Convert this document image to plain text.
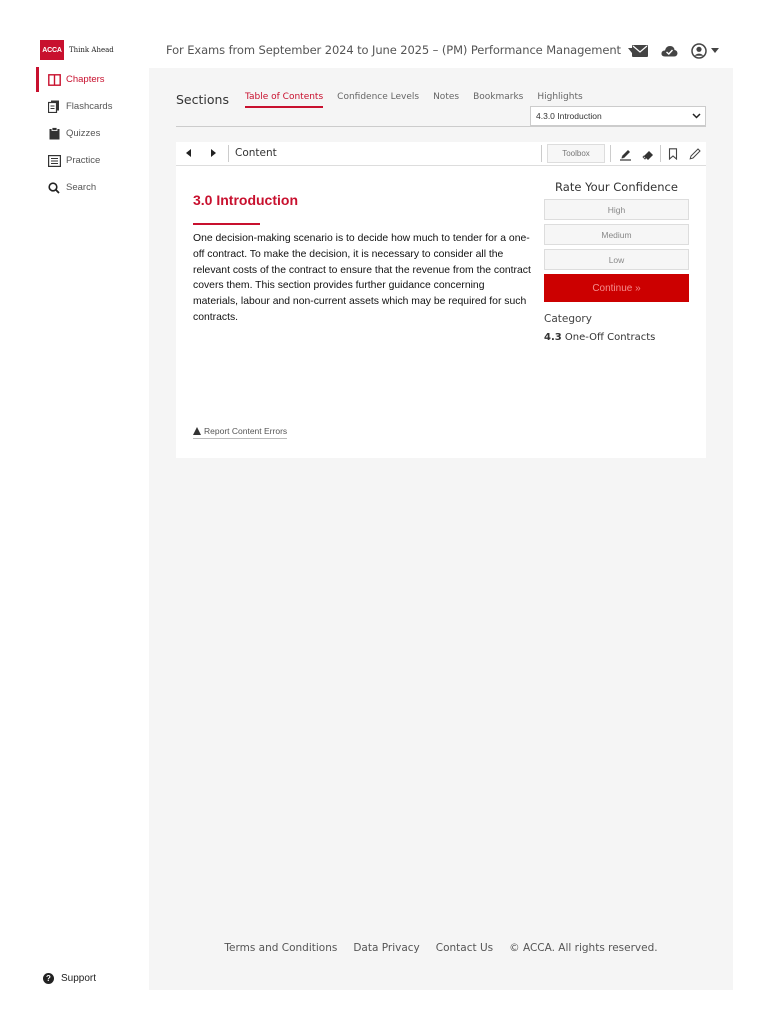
ACCA	Think Ahead
Chapters
Flashcards
Quizzes
Practice
Search
?	Support
For Exams from September 2024 to June 2025 – (PM) Performance Management
Sections Table of Contents Confidence Levels Notes Bookmarks Highlights
4.3.0 Introduction
Content	Toolbox
3.0 Introduction

One decision-making scenario is to decide how much to tender for a one-off contract. To make the decision, it is necessary to consider all the relevant costs of the contract to ensure that the revenue from the contract covers them. This section provides further guidance concerning materials, labour and non-current assets which may be required for such contracts.

Report Content Errors
Rate Your Confidence
High
Medium
Low
Continue »
Category
4.3 One-Off Contracts
Terms and Conditions Data Privacy Contact Us © ACCA. All rights reserved.
